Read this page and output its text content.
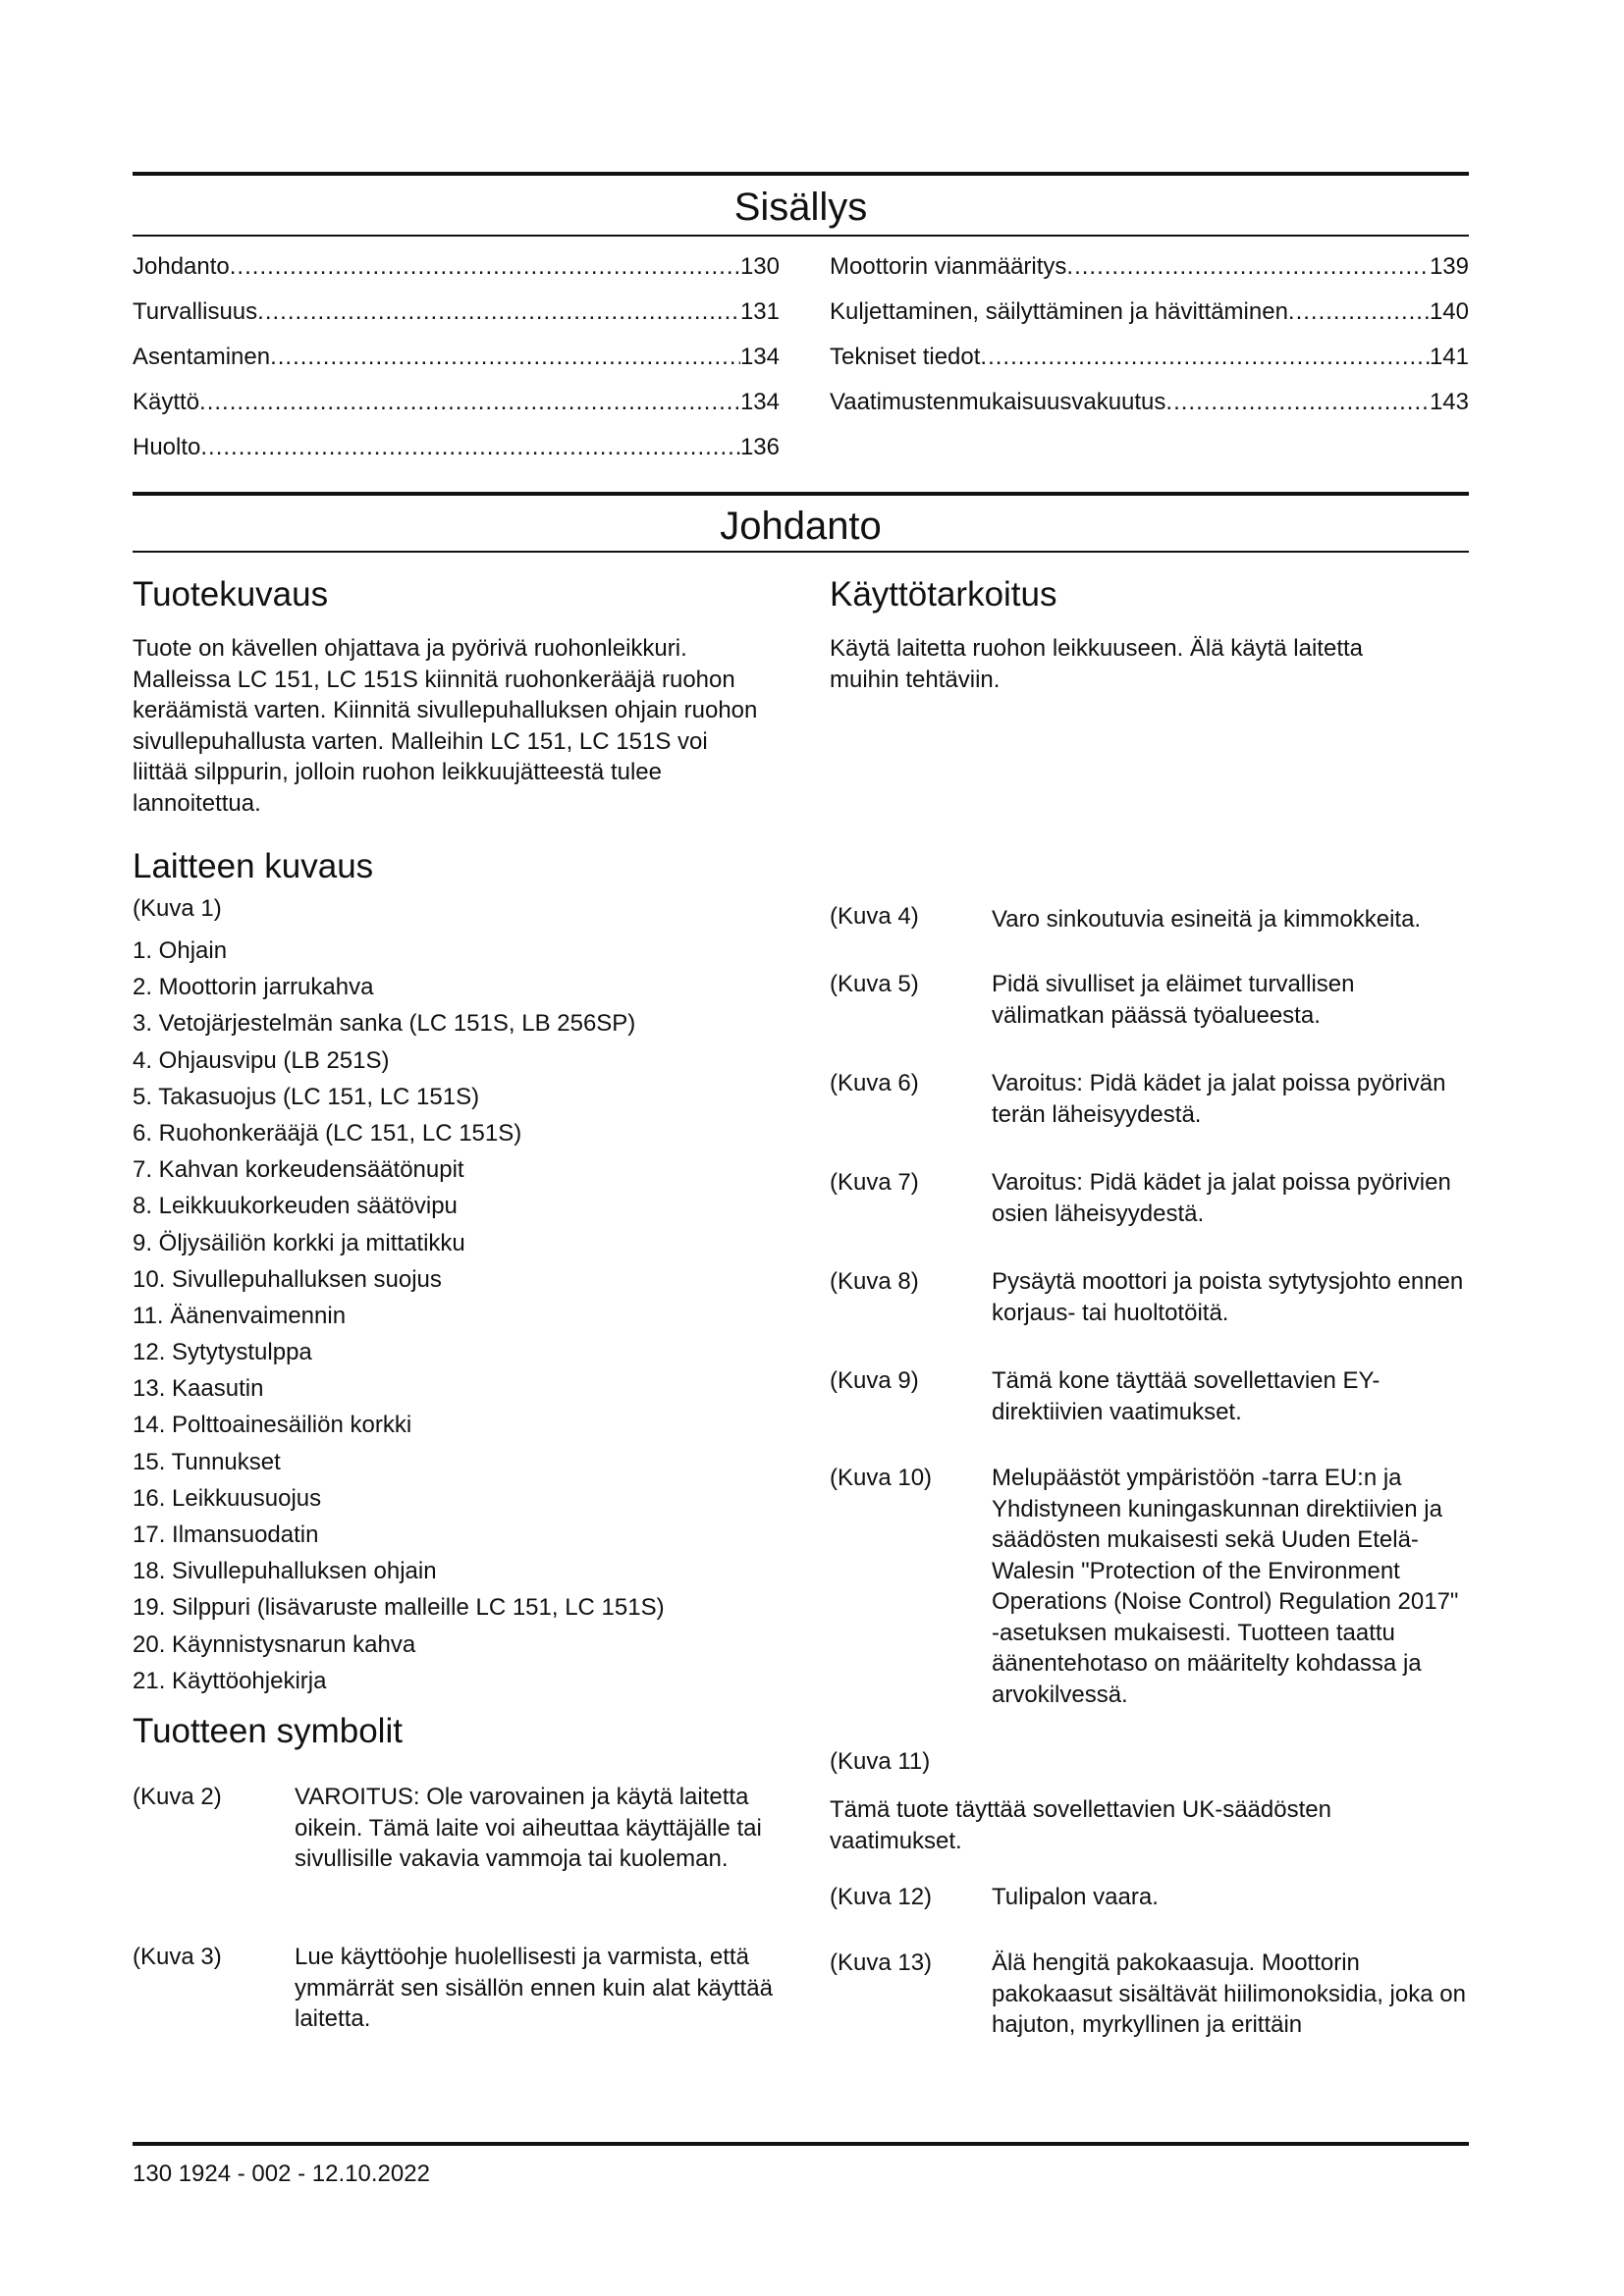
Sisällys
Johdanto .....	130
Turvallisuus .....	131
Asentaminen .....	134
Käyttö .....	134
Huolto .....	136
Moottorin vianmääritys .....	139
Kuljettaminen, säilyttäminen ja hävittäminen .....	140
Tekniset tiedot .....	141
Vaatimustenmukaisuusvakuutus .....	143
Johdanto
Tuotekuvaus

Tuote on kävellen ohjattava ja pyörivä ruohonleikkuri. Malleissa LC 151, LC 151S kiinnitä ruohonkerääjä ruohon keräämistä varten. Kiinnitä sivullepuhalluksen ohjain ruohon sivullepuhallusta varten. Malleihin LC 151, LC 151S voi liittää silppurin, jolloin ruohon leikkuujätteestä tulee lannoitettua.

Käyttötarkoitus

Käytä laitetta ruohon leikkuuseen. Älä käytä laitetta muihin tehtäviin.

Laitteen kuvaus

(Kuva 1)

1. Ohjain
2. Moottorin jarrukahva
3. Vetojärjestelmän sanka (LC 151S, LB 256SP)
4. Ohjausvipu (LB 251S)
5. Takasuojus (LC 151, LC 151S)
6. Ruohonkerääjä (LC 151, LC 151S)
7. Kahvan korkeudensäätönupit
8. Leikkuukorkeuden säätövipu
9. Öljysäiliön korkki ja mittatikku
10. Sivullepuhalluksen suojus
11. Äänenvaimennin
12. Sytytystulppa
13. Kaasutin
14. Polttoainesäiliön korkki
15. Tunnukset
16. Leikkuusuojus
17. Ilmansuodatin
18. Sivullepuhalluksen ohjain
19. Silppuri (lisävaruste malleille LC 151, LC 151S)
20. Käynnistysnarun kahva
21. Käyttöohjekirja
Tuotteen symbolit
(Kuva 2)	VAROITUS: Ole varovainen ja käytä laitetta oikein. Tämä laite voi aiheuttaa käyttäjälle tai sivullisille vakavia vammoja tai kuoleman.
(Kuva 3)	Lue käyttöohje huolellisesti ja varmista, että ymmärrät sen sisällön ennen kuin alat käyttää laitetta.
(Kuva 4)	Varo sinkoutuvia esineitä ja kimmokkeita.
(Kuva 5)	Pidä sivulliset ja eläimet turvallisen välimatkan päässä työalueesta.
(Kuva 6)	Varoitus: Pidä kädet ja jalat poissa pyörivän terän läheisyydestä.
(Kuva 7)	Varoitus: Pidä kädet ja jalat poissa pyörivien osien läheisyydestä.
(Kuva 8)	Pysäytä moottori ja poista sytytysjohto ennen korjaus- tai huoltotöitä.
(Kuva 9)	Tämä kone täyttää sovellettavien EY-direktiivien vaatimukset.
(Kuva 10)	Melupäästöt ympäristöön -tarra EU:n ja Yhdistyneen kuningaskunnan direktiivien ja säädösten mukaisesti sekä Uuden Etelä-Walesin "Protection of the Environment Operations (Noise Control) Regulation 2017" -asetuksen mukaisesti. Tuotteen taattu äänentehotaso on määritelty kohdassa ja arvokilvessä.
(Kuva 11)

Tämä tuote täyttää sovellettavien UK-säädösten vaatimukset.

(Kuva 12)	Tulipalon vaara.
(Kuva 13)	Älä hengitä pakokaasuja. Moottorin pakokaasut sisältävät hiilimonoksidia, joka on hajuton, myrkyllinen ja erittäin
130 1924 - 002 - 12.10.2022
